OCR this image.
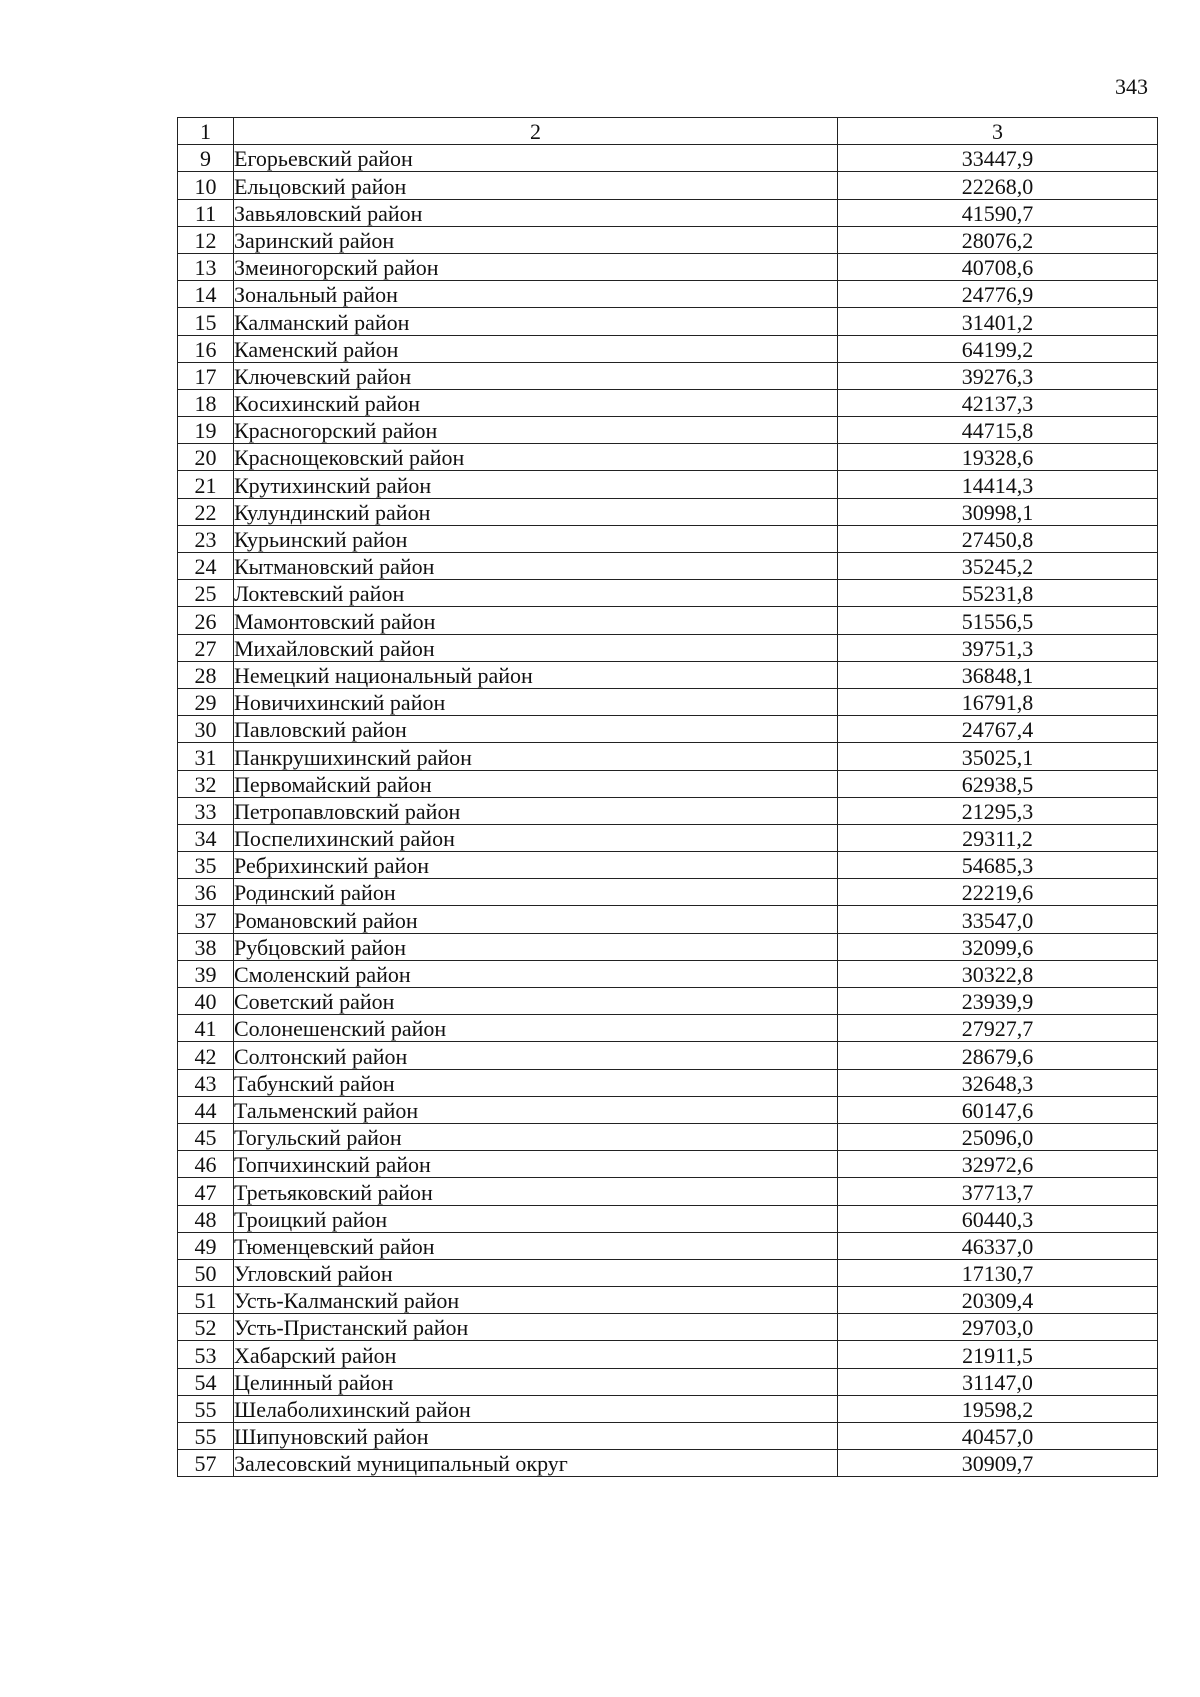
343
1	2	3
9	Егорьевский район	33447,9
10	Ельцовский район	22268,0
11	Завьяловский район	41590,7
12	Заринский район	28076,2
13	Змеиногорский район	40708,6
14	Зональный район	24776,9
15	Калманский район	31401,2
16	Каменский район	64199,2
17	Ключевский район	39276,3
18	Косихинский район	42137,3
19	Красногорский район	44715,8
20	Краснощековский район	19328,6
21	Крутихинский район	14414,3
22	Кулундинский район	30998,1
23	Курьинский район	27450,8
24	Кытмановский район	35245,2
25	Локтевский район	55231,8
26	Мамонтовский район	51556,5
27	Михайловский район	39751,3
28	Немецкий национальный район	36848,1
29	Новичихинский район	16791,8
30	Павловский район	24767,4
31	Панкрушихинский район	35025,1
32	Первомайский район	62938,5
33	Петропавловский район	21295,3
34	Поспелихинский район	29311,2
35	Ребрихинский район	54685,3
36	Родинский район	22219,6
37	Романовский район	33547,0
38	Рубцовский район	32099,6
39	Смоленский район	30322,8
40	Советский район	23939,9
41	Солонешенский район	27927,7
42	Солтонский район	28679,6
43	Табунский район	32648,3
44	Тальменский район	60147,6
45	Тогульский район	25096,0
46	Топчихинский район	32972,6
47	Третьяковский район	37713,7
48	Троицкий район	60440,3
49	Тюменцевский район	46337,0
50	Угловский район	17130,7
51	Усть-Калманский район	20309,4
52	Усть-Пристанский район	29703,0
53	Хабарский район	21911,5
54	Целинный район	31147,0
55	Шелаболихинский район	19598,2
55	Шипуновский район	40457,0
57	Залесовский муниципальный округ	30909,7
